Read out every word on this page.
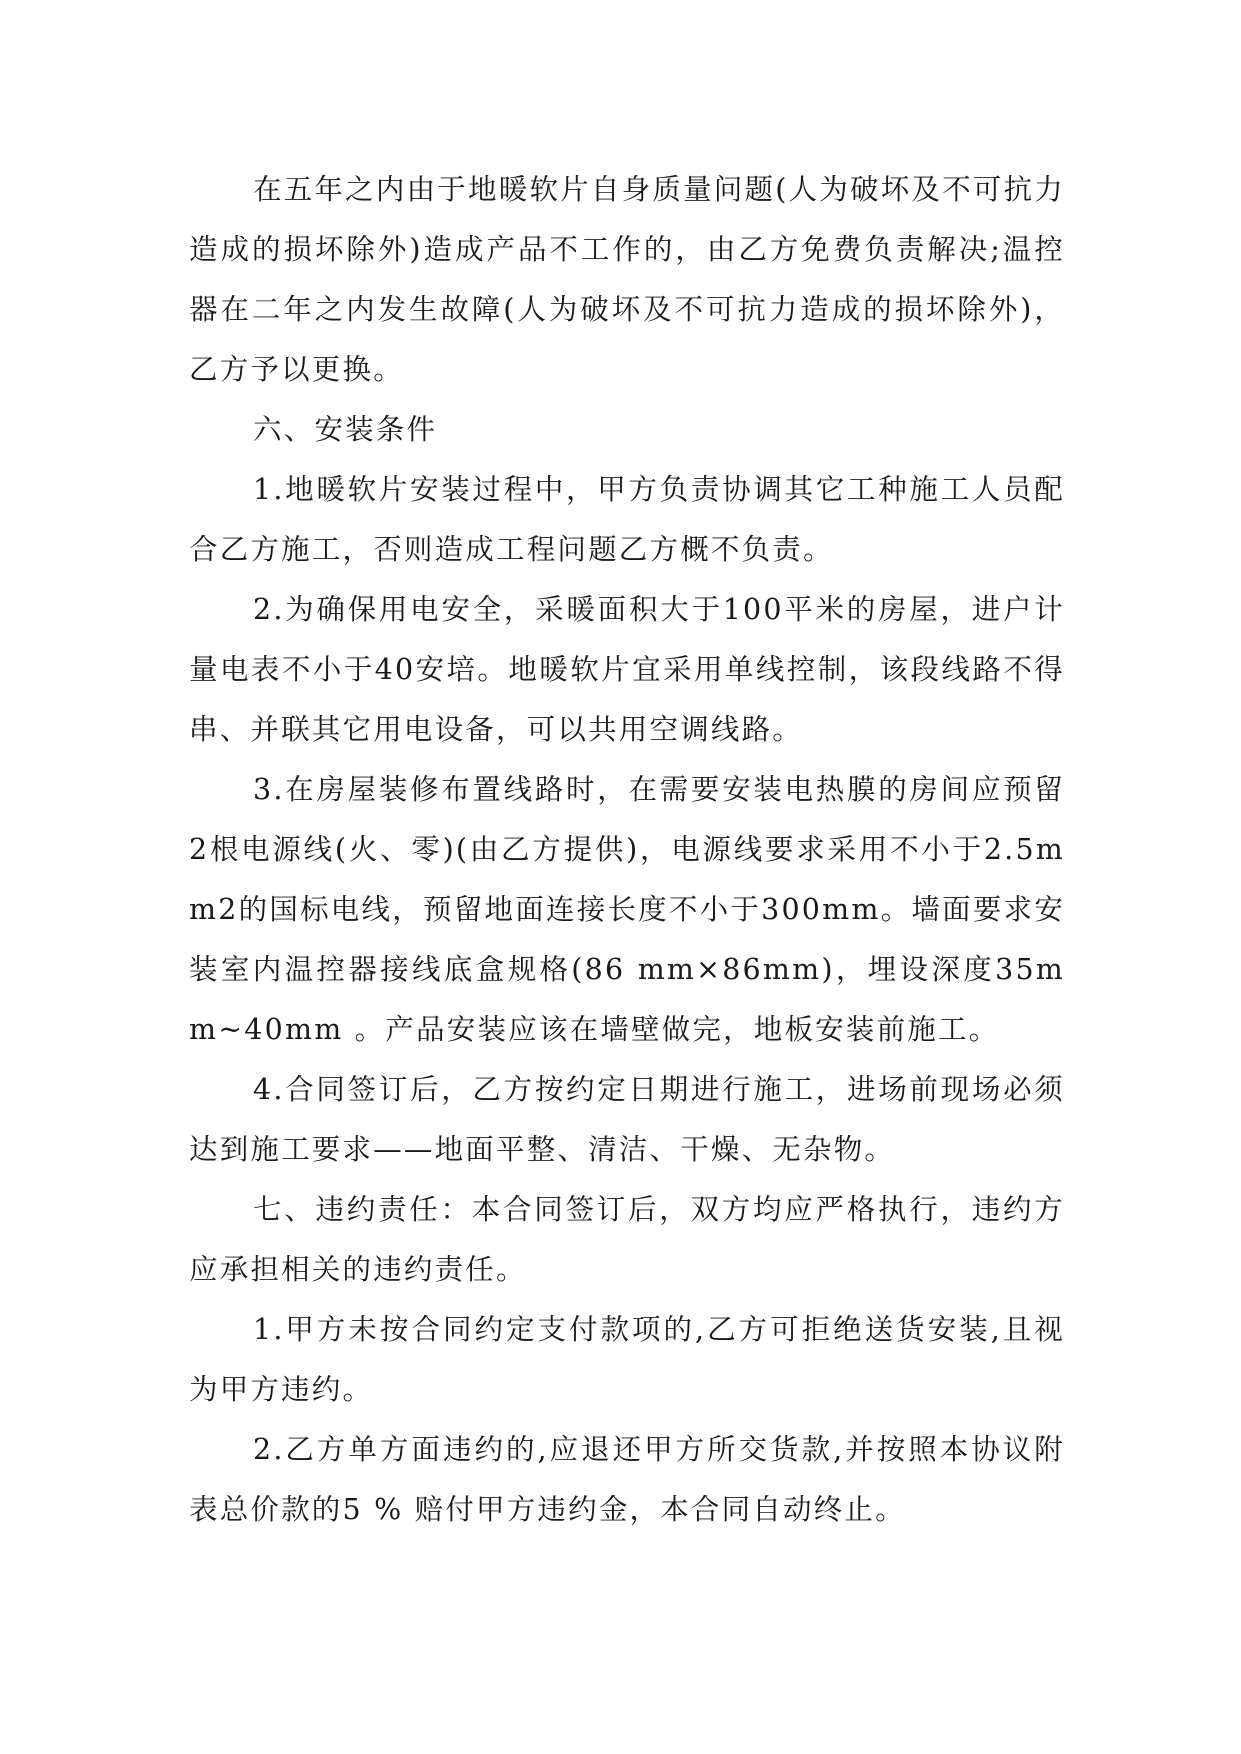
在五年之内由于地暖软片自身质量问题(人为破坏及不可抗力造成的损坏除外)造成产品不工作的，由乙方免费负责解决;温控器在二年之内发生故障(人为破坏及不可抗力造成的损坏除外)，乙方予以更换。

六、安装条件

1.地暖软片安装过程中，甲方负责协调其它工种施工人员配合乙方施工，否则造成工程问题乙方概不负责。

2.为确保用电安全，采暖面积大于100平米的房屋，进户计量电表不小于40安培。地暖软片宜采用单线控制，该段线路不得串、并联其它用电设备，可以共用空调线路。

3.在房屋装修布置线路时，在需要安装电热膜的房间应预留2根电源线(火、零)(由乙方提供)，电源线要求采用不小于2.5mm2的国标电线，预留地面连接长度不小于300mm。墙面要求安装室内温控器接线底盒规格(86 mm×86mm)，埋设深度35mm~40mm 。产品安装应该在墙壁做完，地板安装前施工。

4.合同签订后，乙方按约定日期进行施工，进场前现场必须达到施工要求——地面平整、清洁、干燥、无杂物。

七、违约责任：本合同签订后，双方均应严格执行，违约方应承担相关的违约责任。

1.甲方未按合同约定支付款项的,乙方可拒绝送货安装,且视为甲方违约。

2.乙方单方面违约的,应退还甲方所交货款,并按照本协议附表总价款的5 % 赔付甲方违约金，本合同自动终止。
